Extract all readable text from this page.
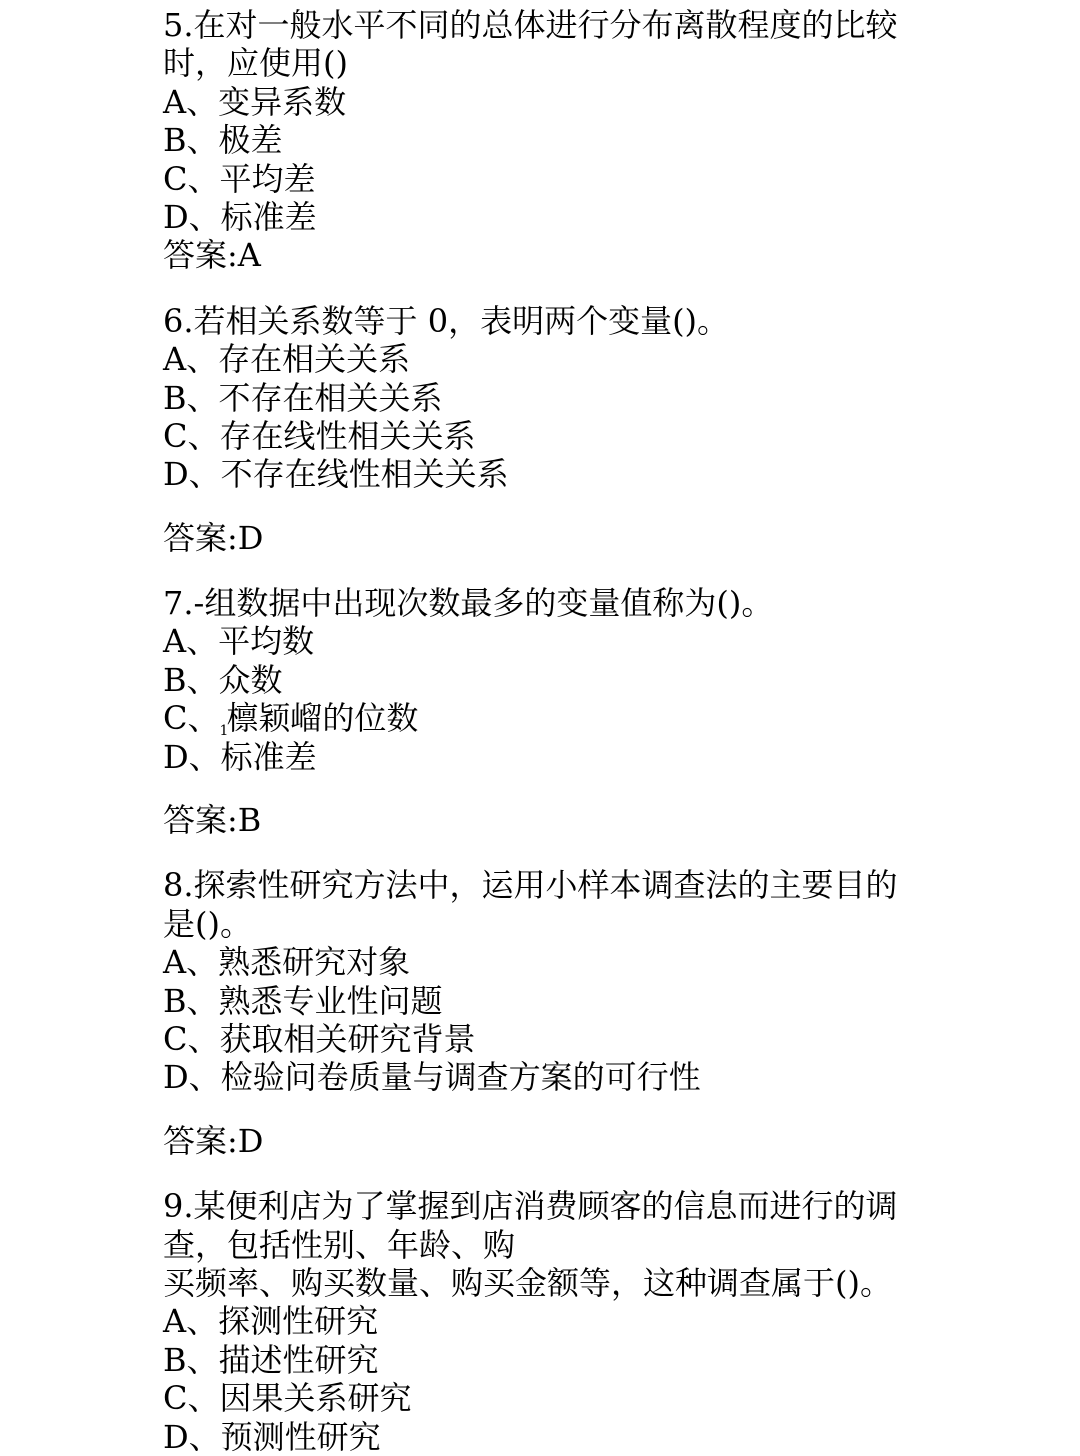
5.在对一般水平不同的总体进行分布离散程度的比较
时，应使用()
A、变异系数
B、极差
C、平均差
D、标准差
答案:A
6.若相关系数等于 0，表明两个变量()。
A、存在相关关系
B、不存在相关关系
C、存在线性相关关系
D、不存在线性相关关系
答案:D
7.-组数据中出现次数最多的变量值称为()。
A、平均数
B、众数
C、1檩颖嵧的位数
D、标准差
答案:B
8.探索性研究方法中，运用小样本调查法的主要目的
是()。
A、熟悉研究对象
B、熟悉专业性问题
C、获取相关研究背景
D、检验问卷质量与调查方案的可行性
答案:D
9.某便利店为了掌握到店消费顾客的信息而进行的调
查，包括性别、年龄、购
买频率、购买数量、购买金额等，这种调查属于()。
A、探测性研究
B、描述性研究
C、因果关系研究
D、预测性研究
